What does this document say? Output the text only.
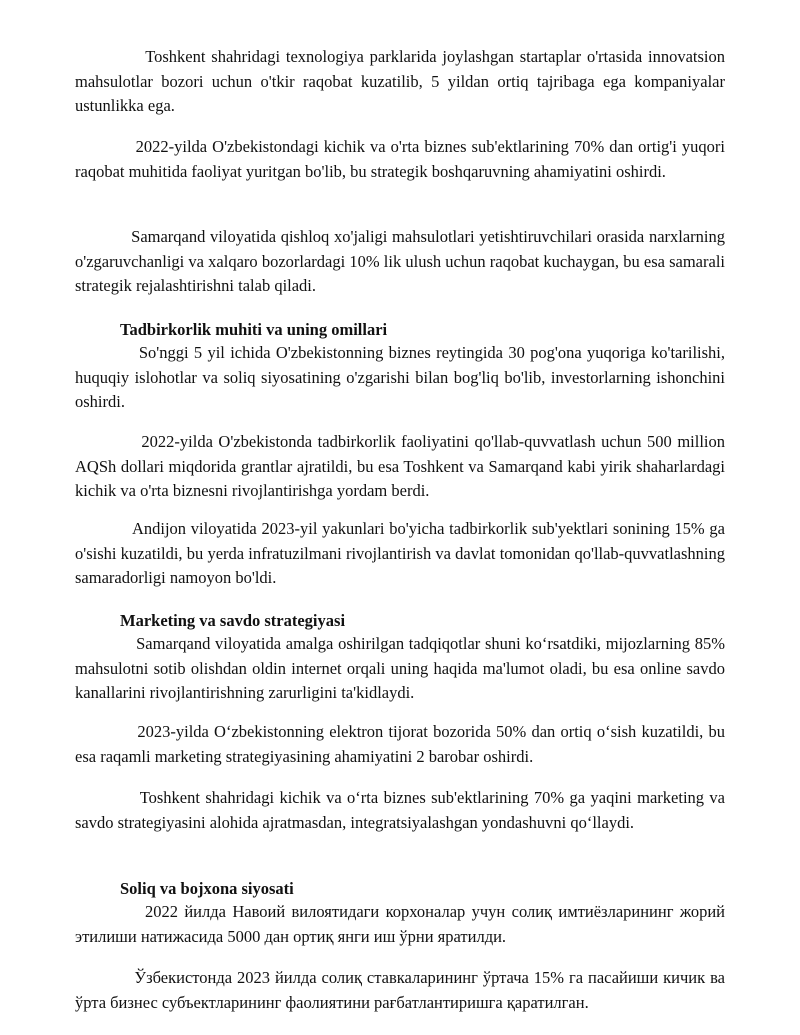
Toshkent shahridagi texnologiya parklarida joylashgan startaplar o'rtasida innovatsion mahsulotlar bozori uchun o'tkir raqobat kuzatilib, 5 yildan ortiq tajribaga ega kompaniyalar ustunlikka ega.

2022-yilda O'zbekistondagi kichik va o'rta biznes sub'ektlarining 70% dan ortig'i yuqori raqobat muhitida faoliyat yuritgan bo'lib, bu strategik boshqaruvning ahamiyatini oshirdi.

Samarqand viloyatida qishloq xo'jaligi mahsulotlari yetishtiruvchilari orasida narxlarning o'zgaruvchanligi va xalqaro bozorlardagi 10% lik ulush uchun raqobat kuchaygan, bu esa samarali strategik rejalashtirishni talab qiladi.

Tadbirkorlik muhiti va uning omillari

So'nggi 5 yil ichida O'zbekistonning biznes reytingida 30 pog'ona yuqoriga ko'tarilishi, huquqiy islohotlar va soliq siyosatining o'zgarishi bilan bog'liq bo'lib, investorlarning ishonchini oshirdi.

2022-yilda O'zbekistonda tadbirkorlik faoliyatini qo'llab-quvvatlash uchun 500 million AQSh dollari miqdorida grantlar ajratildi, bu esa Toshkent va Samarqand kabi yirik shaharlardagi kichik va o'rta biznesni rivojlantirishga yordam berdi.

Andijon viloyatida 2023-yil yakunlari bo'yicha tadbirkorlik sub'yektlari sonining 15% ga o'sishi kuzatildi, bu yerda infratuzilmani rivojlantirish va davlat tomonidan qo'llab-quvvatlashning samaradorligi namoyon bo'ldi.

Marketing va savdo strategiyasi

Samarqand viloyatida amalga oshirilgan tadqiqotlar shuni ko‘rsatdiki, mijozlarning 85% mahsulotni sotib olishdan oldin internet orqali uning haqida ma'lumot oladi, bu esa online savdo kanallarini rivojlantirishning zarurligini ta'kidlaydi.

2023-yilda O‘zbekistonning elektron tijorat bozorida 50% dan ortiq o‘sish kuzatildi, bu esa raqamli marketing strategiyasining ahamiyatini 2 barobar oshirdi.

Toshkent shahridagi kichik va o‘rta biznes sub'ektlarining 70% ga yaqini marketing va savdo strategiyasini alohida ajratmasdan, integratsiyalashgan yondashuvni qo‘llaydi.

Soliq va bojxona siyosati

2022 йилда Навоий вилоятидаги корхоналар учун солиқ имтиёзларининг жорий этилиши натижасида 5000 дан ортиқ янги иш ўрни яратилди.

Ўзбекистонда 2023 йилда солиқ ставкаларининг ўртача 15% га пасайиши кичик ва ўрта бизнес субъектларининг фаолиятини рағбатлантиришга қаратилган.
